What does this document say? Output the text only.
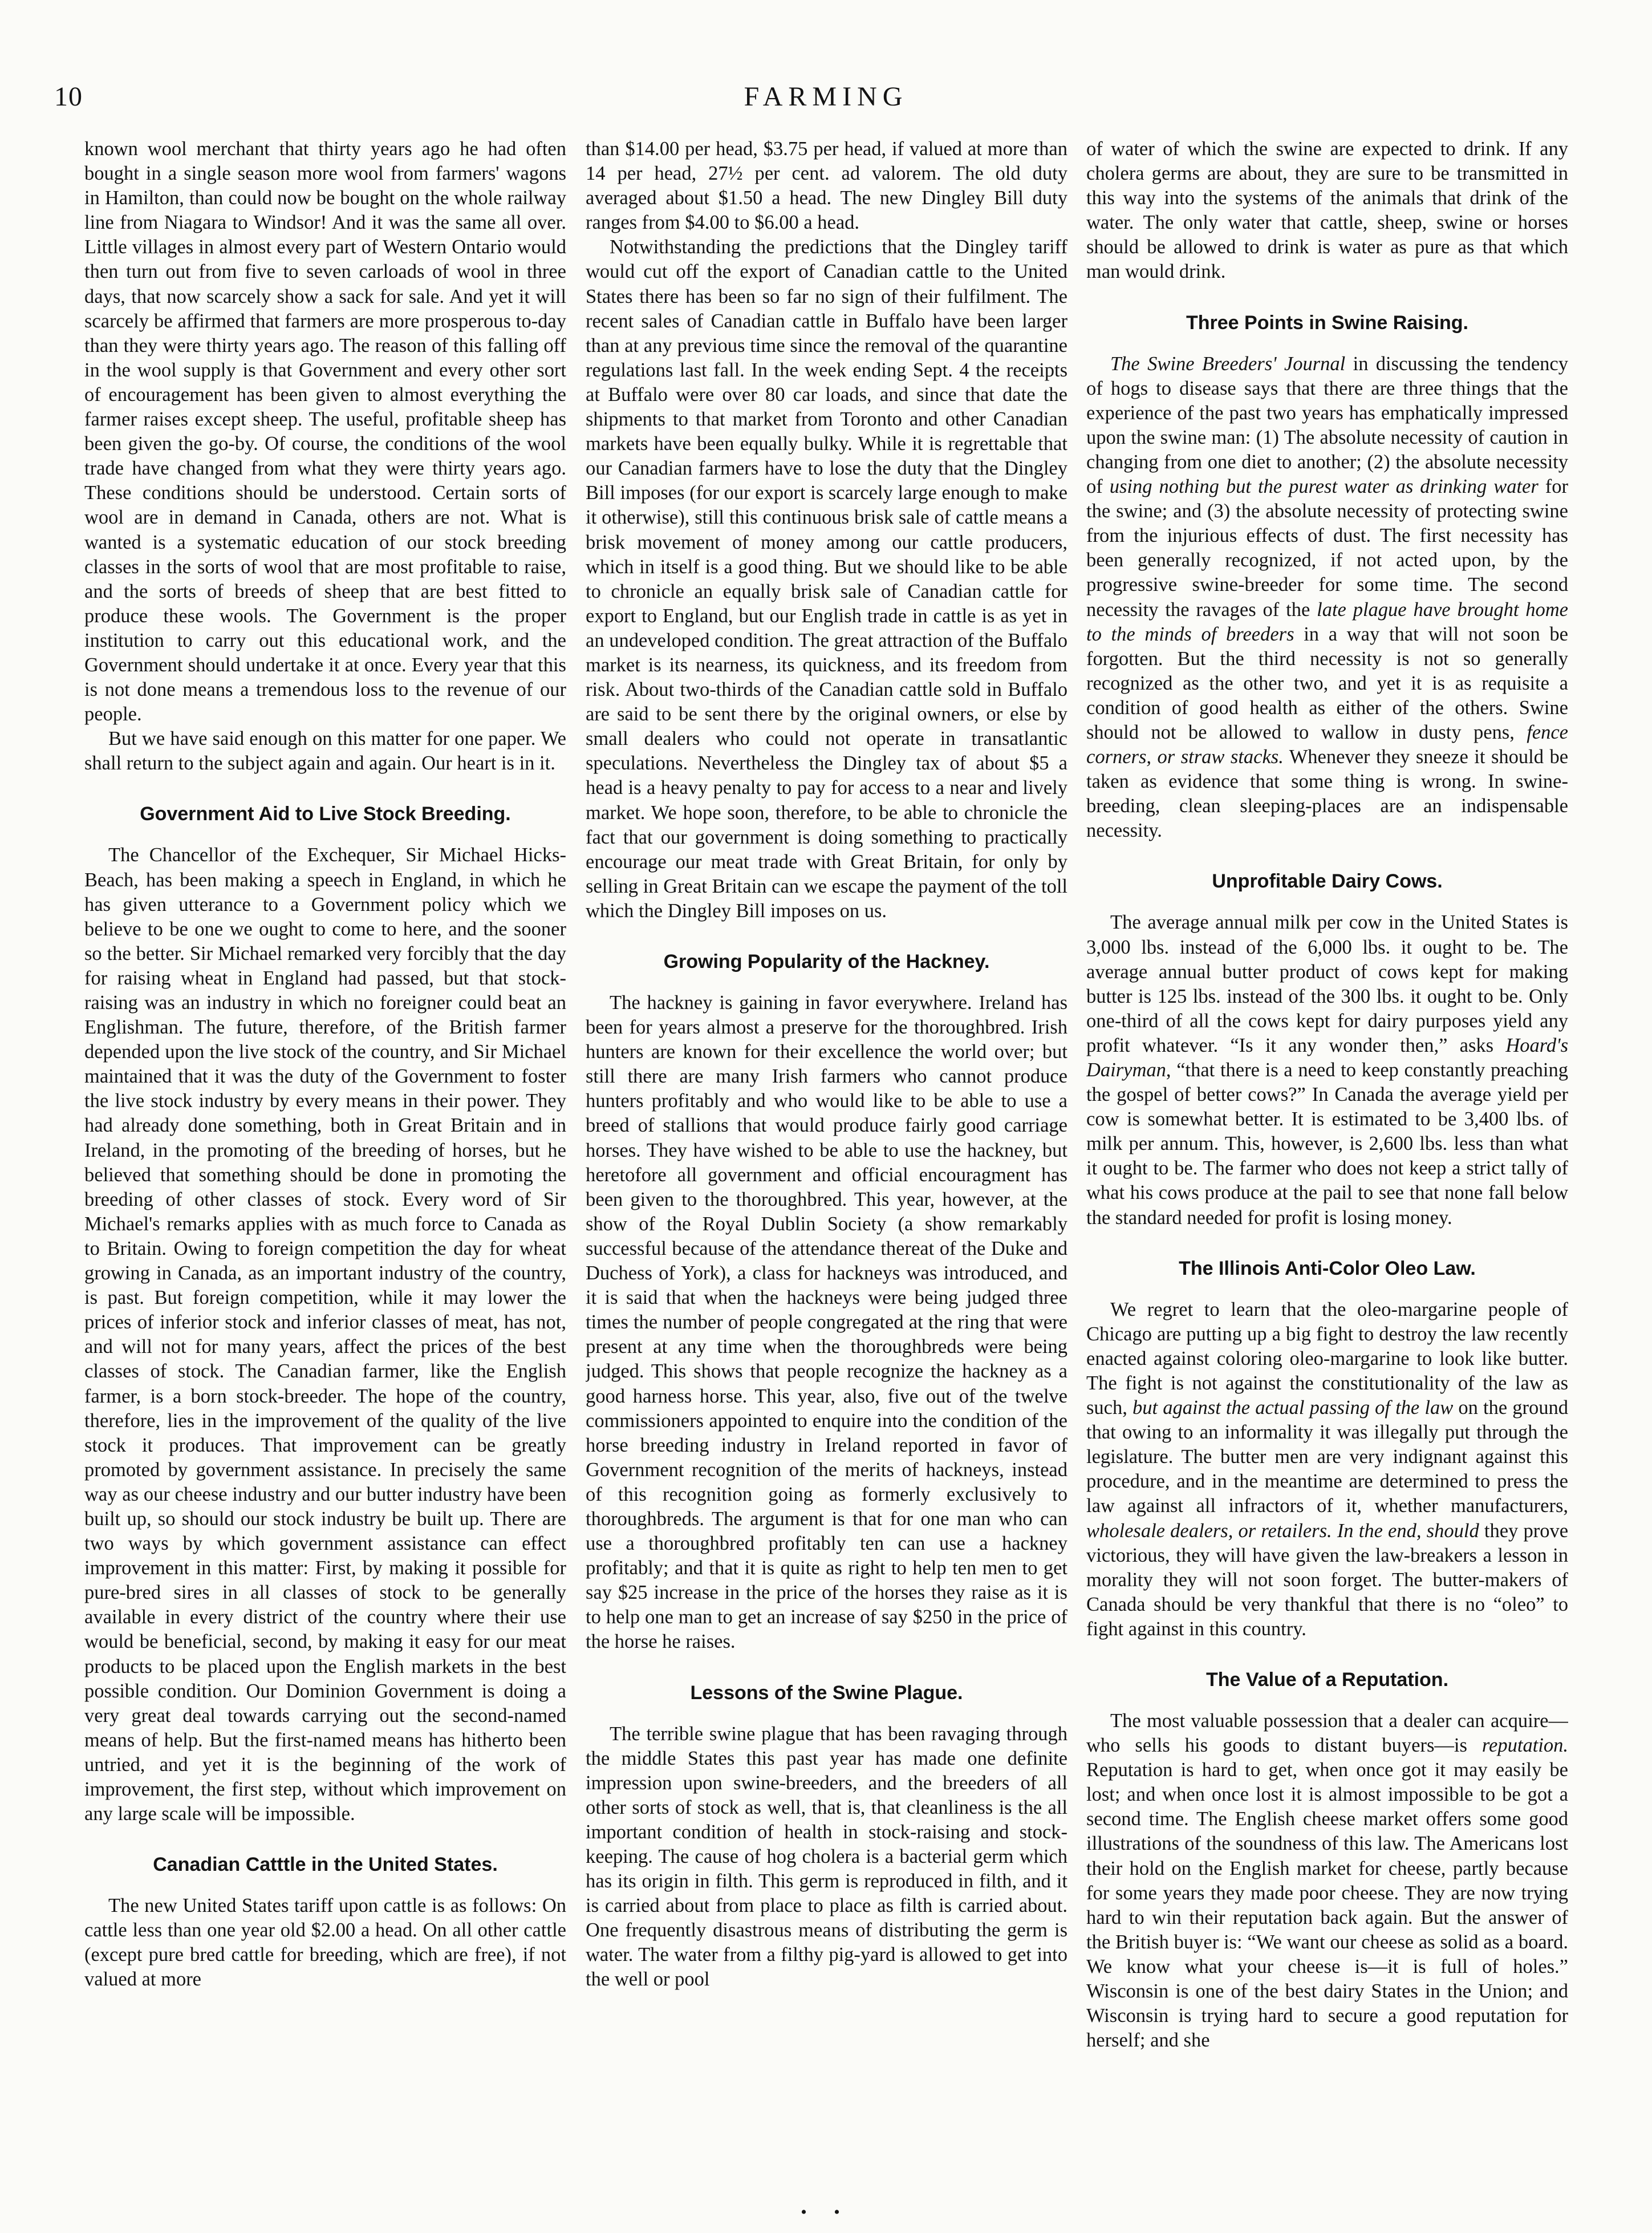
10	FARMING

known wool merchant that thirty years ago he had often bought in a single season more wool from farmers' wagons in Hamilton, than could now be bought on the whole railway line from Niagara to Windsor! And it was the same all over. Little villages in almost every part of Western Ontario would then turn out from five to seven carloads of wool in three days, that now scarcely show a sack for sale. And yet it will scarcely be affirmed that farmers are more prosperous to-day than they were thirty years ago. The reason of this falling off in the wool supply is that Government and every other sort of encouragement has been given to almost everything the farmer raises except sheep. The useful, profitable sheep has been given the go-by. Of course, the conditions of the wool trade have changed from what they were thirty years ago. These conditions should be understood. Certain sorts of wool are in demand in Canada, others are not. What is wanted is a systematic education of our stock breeding classes in the sorts of wool that are most profitable to raise, and the sorts of breeds of sheep that are best fitted to produce these wools. The Government is the proper institution to carry out this educational work, and the Government should undertake it at once. Every year that this is not done means a tremendous loss to the revenue of our people.

But we have said enough on this matter for one paper. We shall return to the subject again and again. Our heart is in it.

Government Aid to Live Stock Breeding.

The Chancellor of the Exchequer, Sir Michael Hicks-Beach, has been making a speech in England, in which he has given utterance to a Government policy which we believe to be one we ought to come to here, and the sooner so the better. Sir Michael remarked very forcibly that the day for raising wheat in England had passed, but that stock-raising was an industry in which no foreigner could beat an Englishman. The future, therefore, of the British farmer depended upon the live stock of the country, and Sir Michael maintained that it was the duty of the Government to foster the live stock industry by every means in their power. They had already done something, both in Great Britain and in Ireland, in the promoting of the breeding of horses, but he believed that something should be done in promoting the breeding of other classes of stock. Every word of Sir Michael's remarks applies with as much force to Canada as to Britain. Owing to foreign competition the day for wheat growing in Canada, as an important industry of the country, is past. But foreign competition, while it may lower the prices of inferior stock and inferior classes of meat, has not, and will not for many years, affect the prices of the best classes of stock. The Canadian farmer, like the English farmer, is a born stock-breeder. The hope of the country, therefore, lies in the improvement of the quality of the live stock it produces. That improvement can be greatly promoted by government assistance. In precisely the same way as our cheese industry and our butter industry have been built up, so should our stock industry be built up. There are two ways by which government assistance can effect improvement in this matter: First, by making it possible for pure-bred sires in all classes of stock to be generally available in every district of the country where their use would be beneficial, second, by making it easy for our meat products to be placed upon the English markets in the best possible condition. Our Dominion Government is doing a very great deal towards carrying out the second-named means of help. But the first-named means has hitherto been untried, and yet it is the beginning of the work of improvement, the first step, without which improvement on any large scale will be impossible.

Canadian Catttle in the United States.

The new United States tariff upon cattle is as follows: On cattle less than one year old $2.00 a head. On all other cattle (except pure bred cattle for breeding, which are free), if not valued at more

than $14.00 per head, $3.75 per head, if valued at more than 14 per head, 27½ per cent. ad valorem. The old duty averaged about $1.50 a head. The new Dingley Bill duty ranges from $4.00 to $6.00 a head.

Notwithstanding the predictions that the Dingley tariff would cut off the export of Canadian cattle to the United States there has been so far no sign of their fulfilment. The recent sales of Canadian cattle in Buffalo have been larger than at any previous time since the removal of the quarantine regulations last fall. In the week ending Sept. 4 the receipts at Buffalo were over 80 car loads, and since that date the shipments to that market from Toronto and other Canadian markets have been equally bulky. While it is regrettable that our Canadian farmers have to lose the duty that the Dingley Bill imposes (for our export is scarcely large enough to make it otherwise), still this continuous brisk sale of cattle means a brisk movement of money among our cattle producers, which in itself is a good thing. But we should like to be able to chronicle an equally brisk sale of Canadian cattle for export to England, but our English trade in cattle is as yet in an undeveloped condition. The great attraction of the Buffalo market is its nearness, its quickness, and its freedom from risk. About two-thirds of the Canadian cattle sold in Buffalo are said to be sent there by the original owners, or else by small dealers who could not operate in transatlantic speculations. Nevertheless the Dingley tax of about $5 a head is a heavy penalty to pay for access to a near and lively market. We hope soon, therefore, to be able to chronicle the fact that our government is doing something to practically encourage our meat trade with Great Britain, for only by selling in Great Britain can we escape the payment of the toll which the Dingley Bill imposes on us.

Growing Popularity of the Hackney.

The hackney is gaining in favor everywhere. Ireland has been for years almost a preserve for the thoroughbred. Irish hunters are known for their excellence the world over; but still there are many Irish farmers who cannot produce hunters profitably and who would like to be able to use a breed of stallions that would produce fairly good carriage horses. They have wished to be able to use the hackney, but heretofore all government and official encouragment has been given to the thoroughbred. This year, however, at the show of the Royal Dublin Society (a show remarkably successful because of the attendance thereat of the Duke and Duchess of York), a class for hackneys was introduced, and it is said that when the hackneys were being judged three times the number of people congregated at the ring that were present at any time when the thoroughbreds were being judged. This shows that people recognize the hackney as a good harness horse. This year, also, five out of the twelve commissioners appointed to enquire into the condition of the horse breeding industry in Ireland reported in favor of Government recognition of the merits of hackneys, instead of this recognition going as formerly exclusively to thoroughbreds. The argument is that for one man who can use a thoroughbred profitably ten can use a hackney profitably; and that it is quite as right to help ten men to get say $25 increase in the price of the horses they raise as it is to help one man to get an increase of say $250 in the price of the horse he raises.

Lessons of the Swine Plague.

The terrible swine plague that has been ravaging through the middle States this past year has made one definite impression upon swine-breeders, and the breeders of all other sorts of stock as well, that is, that cleanliness is the all important condition of health in stock-raising and stock-keeping. The cause of hog cholera is a bacterial germ which has its origin in filth. This germ is reproduced in filth, and it is carried about from place to place as filth is carried about. One frequently disastrous means of distributing the germ is water. The water from a filthy pig-yard is allowed to get into the well or pool

of water of which the swine are expected to drink. If any cholera germs are about, they are sure to be transmitted in this way into the systems of the animals that drink of the water. The only water that cattle, sheep, swine or horses should be allowed to drink is water as pure as that which man would drink.

Three Points in Swine Raising.

The Swine Breeders' Journal in discussing the tendency of hogs to disease says that there are three things that the experience of the past two years has emphatically impressed upon the swine man: (1) The absolute necessity of caution in changing from one diet to another; (2) the absolute necessity of using nothing but the purest water as drinking water for the swine; and (3) the absolute necessity of protecting swine from the injurious effects of dust. The first necessity has been generally recognized, if not acted upon, by the progressive swine-breeder for some time. The second necessity the ravages of the late plague have brought home to the minds of breeders in a way that will not soon be forgotten. But the third necessity is not so generally recognized as the other two, and yet it is as requisite a condition of good health as either of the others. Swine should not be allowed to wallow in dusty pens, fence corners, or straw stacks. Whenever they sneeze it should be taken as evidence that some thing is wrong. In swine-breeding, clean sleeping-places are an indispensable necessity.

Unprofitable Dairy Cows.

The average annual milk per cow in the United States is 3,000 lbs. instead of the 6,000 lbs. it ought to be. The average annual butter product of cows kept for making butter is 125 lbs. instead of the 300 lbs. it ought to be. Only one-third of all the cows kept for dairy purposes yield any profit whatever. “Is it any wonder then,” asks Hoard's Dairyman, “that there is a need to keep constantly preaching the gospel of better cows?” In Canada the average yield per cow is somewhat better. It is estimated to be 3,400 lbs. of milk per annum. This, however, is 2,600 lbs. less than what it ought to be. The farmer who does not keep a strict tally of what his cows produce at the pail to see that none fall below the standard needed for profit is losing money.

The Illinois Anti-Color Oleo Law.

We regret to learn that the oleo-margarine people of Chicago are putting up a big fight to destroy the law recently enacted against coloring oleo-margarine to look like butter. The fight is not against the constitutionality of the law as such, but against the actual passing of the law on the ground that owing to an informality it was illegally put through the legislature. The butter men are very indignant against this procedure, and in the meantime are determined to press the law against all infractors of it, whether manufacturers, wholesale dealers, or retailers. In the end, should they prove victorious, they will have given the law-breakers a lesson in morality they will not soon forget. The butter-makers of Canada should be very thankful that there is no “oleo” to fight against in this country.

The Value of a Reputation.

The most valuable possession that a dealer can acquire—who sells his goods to distant buyers—is reputation. Reputation is hard to get, when once got it may easily be lost; and when once lost it is almost impossible to be got a second time. The English cheese market offers some good illustrations of the soundness of this law. The Americans lost their hold on the English market for cheese, partly because for some years they made poor cheese. They are now trying hard to win their reputation back again. But the answer of the British buyer is: “We want our cheese as solid as a board. We know what your cheese is—it is full of holes.” Wisconsin is one of the best dairy States in the Union; and Wisconsin is trying hard to secure a good reputation for herself; and she

• •
